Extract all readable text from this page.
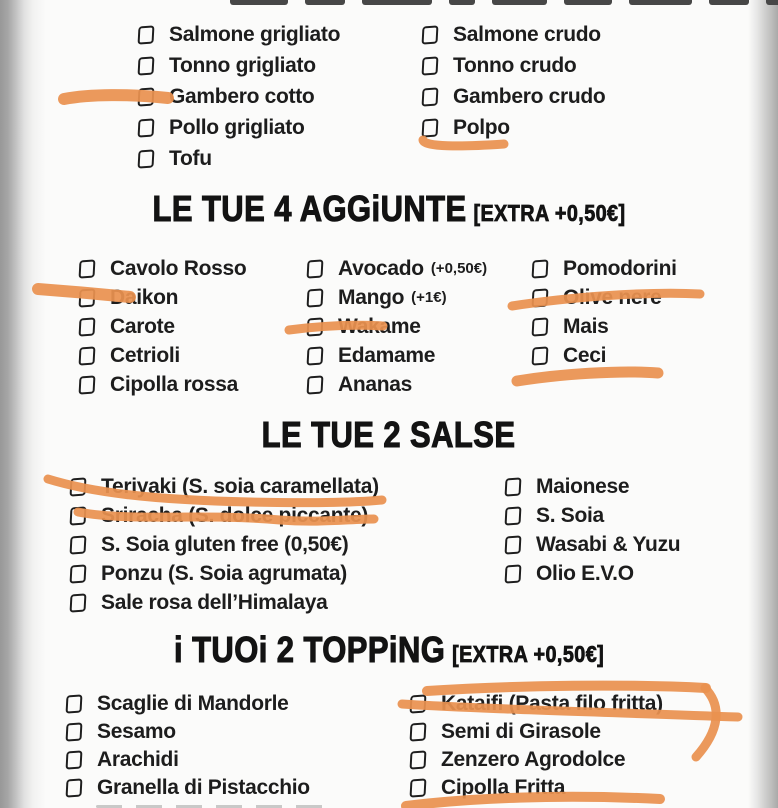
Salmone grigliato
Tonno grigliato
Gambero cotto
Pollo grigliato
Tofu
Salmone crudo
Tonno crudo
Gambero crudo
Polpo
LE TUE 4 AGGiUNTE [EXTRA +0,50€]
Cavolo Rosso
Daikon
Carote
Cetrioli
Cipolla rossa
Avocado (+0,50€)
Mango (+1€)
Wakame
Edamame
Ananas
Pomodorini
Olive nere
Mais
Ceci
LE TUE 2 SALSE
Teriyaki (S. soia caramellata)
Sriracha (S. dolce piccante)
S. Soia gluten free (0,50€)
Ponzu (S. Soia agrumata)
Sale rosa dell’Himalaya
Maionese
S. Soia
Wasabi & Yuzu
Olio E.V.O
i TUOi 2 TOPPiNG [EXTRA +0,50€]
Scaglie di Mandorle
Sesamo
Arachidi
Granella di Pistacchio
Kataifi (Pasta filo fritta)
Semi di Girasole
Zenzero Agrodolce
Cipolla Fritta
